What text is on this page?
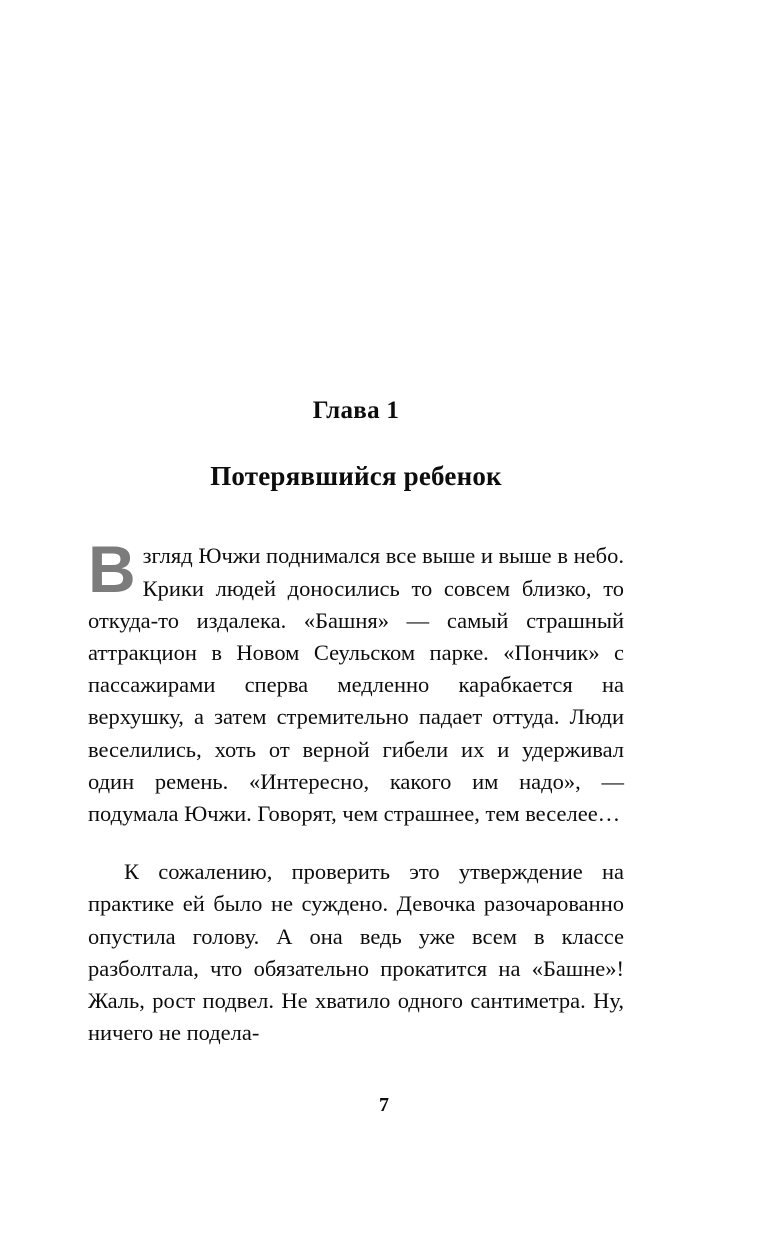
Глава 1
Потерявшийся ребенок

Взгляд Ючжи поднимался все выше и выше в небо. Крики людей доносились то совсем близко, то откуда-то издалека. «Башня» — самый страшный аттракцион в Новом Сеульском парке. «Пончик» с пассажирами сперва медленно карабкается на верхушку, а затем стремительно падает оттуда. Люди веселились, хоть от верной гибели их и удерживал один ремень. «Интересно, какого им надо», — подумала Ючжи. Говорят, чем страшнее, тем веселее…

К сожалению, проверить это утверждение на практике ей было не суждено. Девочка разочарованно опустила голову. А она ведь уже всем в классе разболтала, что обязательно прокатится на «Башне»! Жаль, рост подвел. Не хватило одного сантиметра. Ну, ничего не подела-

7
